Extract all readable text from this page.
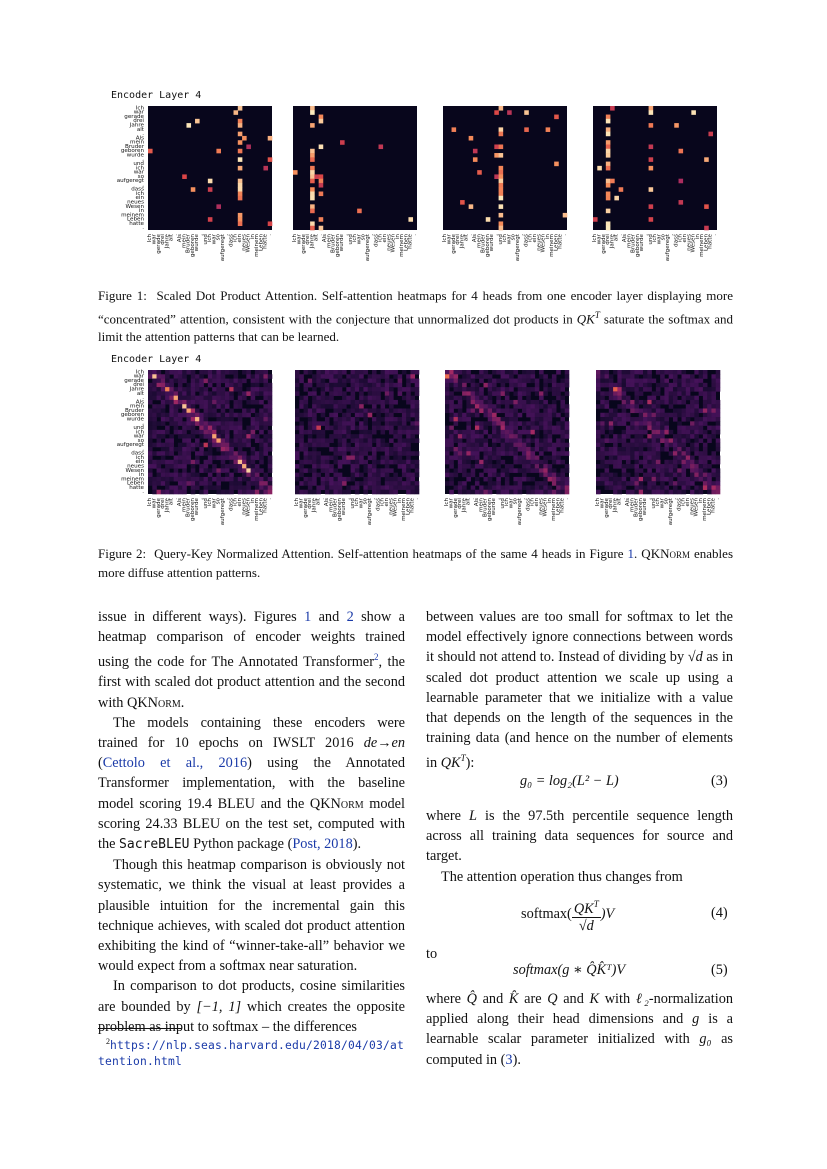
Encoder Layer 4
Ich
war
gerade
drei
Jahre
alt
.
Als
mein
Bruder
geboren
wurde
,
und
ich
war
so
aufgeregt
,
dass
ich
ein
neues
Wesen
in
meinem
Leben
hatte
.
Ich
war
gerade
drei
Jahre
alt
.
Als
mein
Bruder
geboren
wurde
,
und
ich
war
so
aufgeregt
,
dass
ich
ein
neues
Wesen
in
meinem
Leben
hatte
.	Ich
war
gerade
drei
Jahre
alt
.
Als
mein
Bruder
geboren
wurde
,
und
ich
war
so
aufgeregt
,
dass
ich
ein
neues
Wesen
in
meinem
Leben
hatte
.	Ich
war
gerade
drei
Jahre
alt
.
Als
mein
Bruder
geboren
wurde
,
und
ich
war
so
aufgeregt
,
dass
ich
ein
neues
Wesen
in
meinem
Leben
hatte
.	Ich
war
gerade
drei
Jahre
alt
.
Als
mein
Bruder
geboren
wurde
,
und
ich
war
so
aufgeregt
,
dass
ich
ein
neues
Wesen
in
meinem
Leben
hatte
.
Figure 1: Scaled Dot Product Attention. Self-attention heatmaps for 4 heads from one encoder layer displaying more “concentrated” attention, consistent with the conjecture that unnormalized dot products in $QK^T$ saturate the softmax and limit the attention patterns that can be learned.
Encoder Layer 4
Ich
war
gerade
drei
Jahre
alt
.
Als
mein
Bruder
geboren
wurde
,
und
ich
war
so
aufgeregt
,
dass
ich
ein
neues
Wesen
in
meinem
Leben
hatte
.
Ich
war
gerade
drei
Jahre
alt
.
Als
mein
Bruder
geboren
wurde
,
und
ich
war
so
aufgeregt
,
dass
ich
ein
neues
Wesen
in
meinem
Leben
hatte
.	Ich
war
gerade
drei
Jahre
alt
.
Als
mein
Bruder
geboren
wurde
,
und
ich
war
so
aufgeregt
,
dass
ich
ein
neues
Wesen
in
meinem
Leben
hatte
.	Ich
war
gerade
drei
Jahre
alt
.
Als
mein
Bruder
geboren
wurde
,
und
ich
war
so
aufgeregt
,
dass
ich
ein
neues
Wesen
in
meinem
Leben
hatte
.	Ich
war
gerade
drei
Jahre
alt
.
Als
mein
Bruder
geboren
wurde
,
und
ich
war
so
aufgeregt
,
dass
ich
ein
neues
Wesen
in
meinem
Leben
hatte
.
Figure 2: Query-Key Normalized Attention. Self-attention heatmaps of the same 4 heads in Figure 1. QKNorm enables more diffuse attention patterns.

issue in different ways). Figures 1 and 2 show a heatmap comparison of encoder weights trained using the code for The Annotated Transformer$^2$, the first with scaled dot product attention and the second with QKNorm.

The models containing these encoders were trained for 10 epochs on IWSLT 2016 de→en (Cettolo et al., 2016) using the Annotated Transformer implementation, with the baseline model scoring 19.4 BLEU and the QKNorm model scoring 24.33 BLEU on the test set, computed with the SacreBLEU Python package (Post, 2018).

Though this heatmap comparison is obviously not systematic, we think the visual at least provides a plausible intuition for the incremental gain this technique achieves, with scaled dot product attention exhibiting the kind of “winner-take-all” behavior we would expect from a softmax near saturation.

In comparison to dot products, cosine similarities are bounded by [−1, 1] which creates the opposite problem as input to softmax – the differences

$^2$https://nlp.seas.harvard.edu/2018/04/03/attention.html

between values are too small for softmax to let the model effectively ignore connections between words it should not attend to. Instead of dividing by √d as in scaled dot product attention we scale up using a learnable parameter that we initialize with a value that depends on the length of the sequences in the training data (and hence on the number of elements in $QK^T$):

g₀ = log₂(L² − L)	(3)

where L is the 97.5th percentile sequence length across all training data sequences for source and target.

The attention operation thus changes from

softmax( $\frac{QK^T}{√d} )V$	(4)

to

softmax(g ∗ Q̂K̂ᵀ)V	(5)

where Q̂ and K̂ are Q and K with ℓ₂-normalization applied along their head dimensions and g is a learnable scalar parameter initialized with g₀ as computed in (3).
